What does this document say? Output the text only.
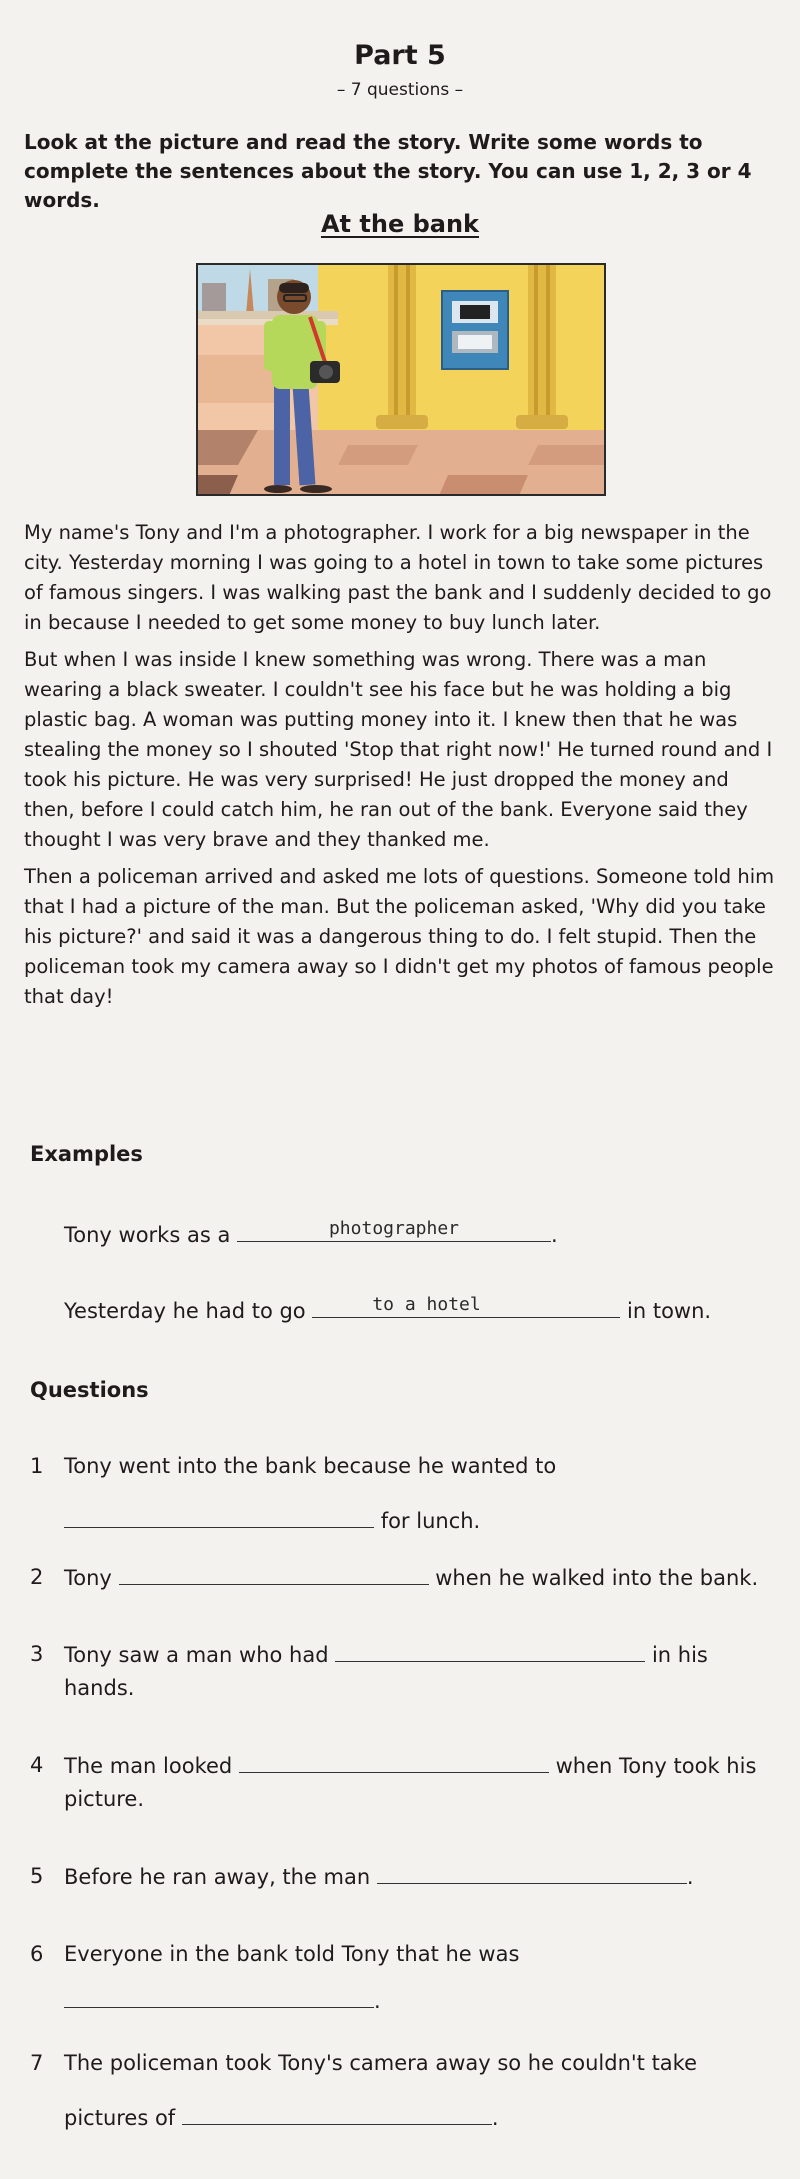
Part 5
– 7 questions –
Look at the picture and read the story. Write some words to complete the sentences about the story. You can use 1, 2, 3 or 4 words.
At the bank

My name's Tony and I'm a photographer. I work for a big newspaper in the city. Yesterday morning I was going to a hotel in town to take some pictures of famous singers. I was walking past the bank and I suddenly decided to go in because I needed to get some money to buy lunch later.

But when I was inside I knew something was wrong. There was a man wearing a black sweater. I couldn't see his face but he was holding a big plastic bag. A woman was putting money into it. I knew then that he was stealing the money so I shouted 'Stop that right now!' He turned round and I took his picture. He was very surprised! He just dropped the money and then, before I could catch him, he ran out of the bank. Everyone said they thought I was very brave and they thanked me.

Then a policeman arrived and asked me lots of questions. Someone told him that I had a picture of the man. But the policeman asked, 'Why did you take his picture?' and said it was a dangerous thing to do. I felt stupid. Then the policeman took my camera away so I didn't get my photos of famous people that day!

Examples
Tony works as a	photographer	.
Yesterday he had to go	to a hotel	in town.
Questions
1 Tony went into the bank because he wanted to
for lunch.
2 Tony	when he walked into the bank.
3 Tony saw a man who had	in his
hands.
4 The man looked	when Tony took his
picture.
5 Before he ran away, the man	.
6 Everyone in the bank told Tony that he was
.
7 The policeman took Tony's camera away so he couldn't take
pictures of	.
